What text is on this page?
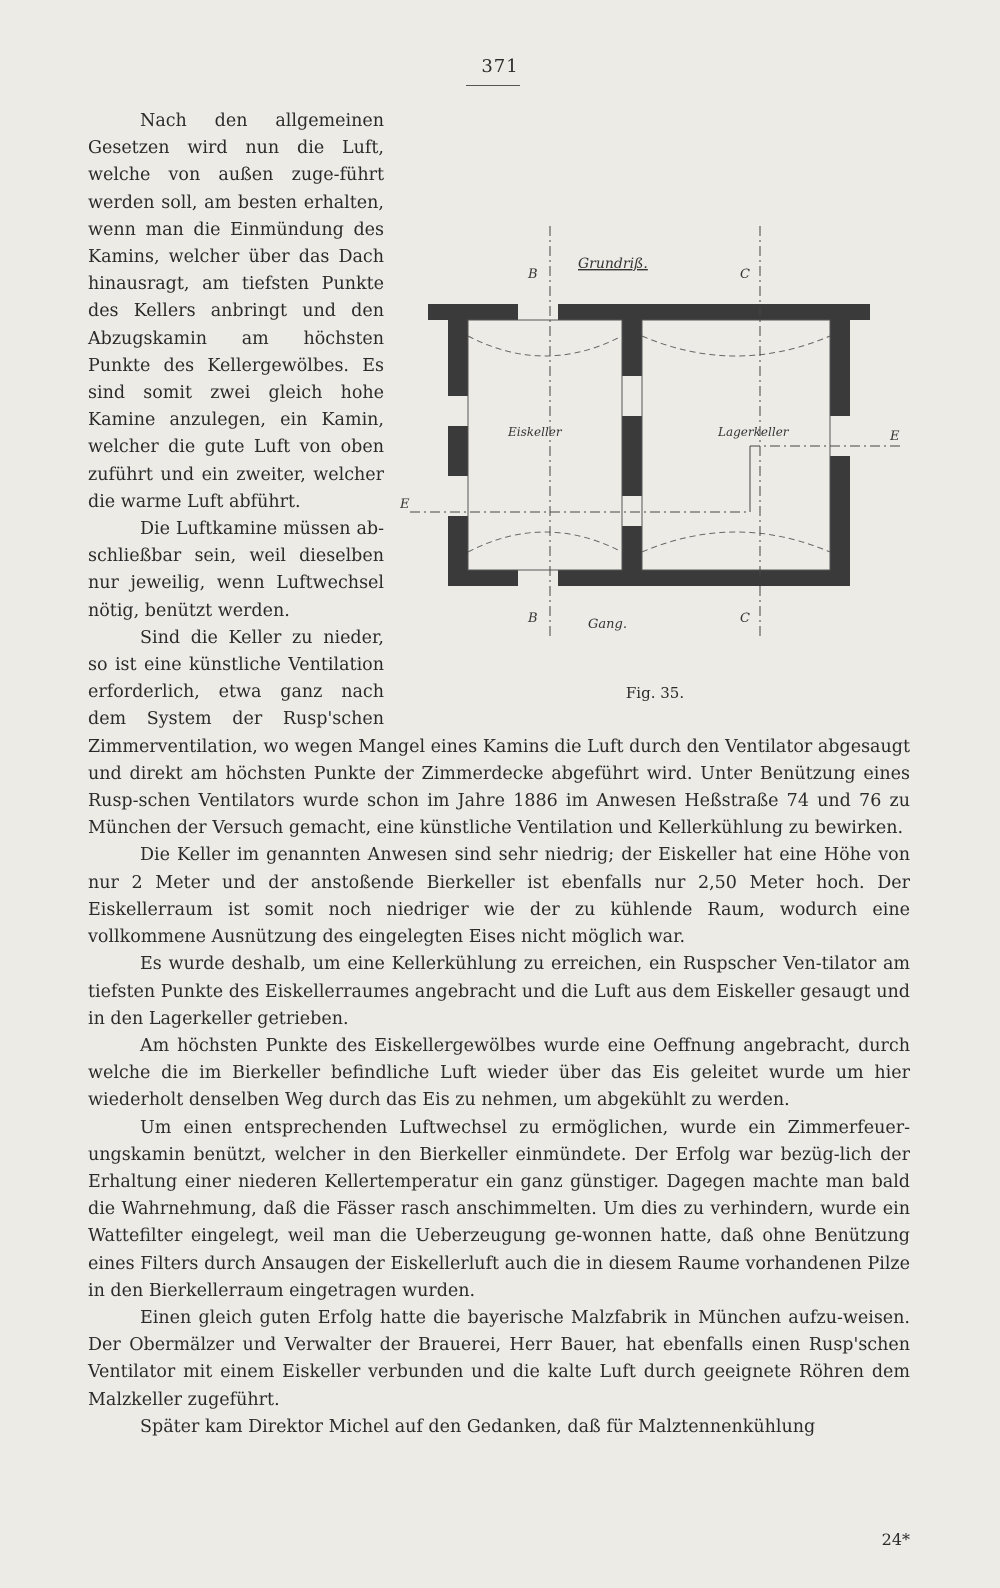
371
B	C
B	C
E
E
Grundriß.
Gang.
Eiskeller	Lagerkeller
Fig. 35.

Nach den allgemeinen Gesetzen wird nun die Luft, welche von außen zuge-führt werden soll, am besten erhalten, wenn man die Einmündung des Kamins, welcher über das Dach hinausragt, am tiefsten Punkte des Kellers anbringt und den Abzugskamin am höchsten Punkte des Kellergewölbes. Es sind somit zwei gleich hohe Kamine anzulegen, ein Kamin, welcher die gute Luft von oben zuführt und ein zweiter, welcher die warme Luft abführt.

Die Luftkamine müssen ab-schließbar sein, weil dieselben nur jeweilig, wenn Luftwechsel nötig, benützt werden.

Sind die Keller zu nieder, so ist eine künstliche Ventilation erforderlich, etwa ganz nach dem System der Rusp'schen Zimmerventilation, wo wegen Mangel eines Kamins die Luft durch den Ventilator abgesaugt und direkt am höchsten Punkte der Zimmerdecke abgeführt wird. Unter Benützung eines Rusp-schen Ventilators wurde schon im Jahre 1886 im Anwesen Heßstraße 74 und 76 zu München der Versuch gemacht, eine künstliche Ventilation und Kellerkühlung zu bewirken.

Die Keller im genannten Anwesen sind sehr niedrig; der Eiskeller hat eine Höhe von nur 2 Meter und der anstoßende Bierkeller ist ebenfalls nur 2,50 Meter hoch. Der Eiskellerraum ist somit noch niedriger wie der zu kühlende Raum, wodurch eine vollkommene Ausnützung des eingelegten Eises nicht möglich war.

Es wurde deshalb, um eine Kellerkühlung zu erreichen, ein Ruspscher Ven-tilator am tiefsten Punkte des Eiskellerraumes angebracht und die Luft aus dem Eiskeller gesaugt und in den Lagerkeller getrieben.

Am höchsten Punkte des Eiskellergewölbes wurde eine Oeffnung angebracht, durch welche die im Bierkeller befindliche Luft wieder über das Eis geleitet wurde um hier wiederholt denselben Weg durch das Eis zu nehmen, um abgekühlt zu werden.

Um einen entsprechenden Luftwechsel zu ermöglichen, wurde ein Zimmerfeuer-ungskamin benützt, welcher in den Bierkeller einmündete. Der Erfolg war bezüg-lich der Erhaltung einer niederen Kellertemperatur ein ganz günstiger. Dagegen machte man bald die Wahrnehmung, daß die Fässer rasch anschimmelten. Um dies zu verhindern, wurde ein Wattefilter eingelegt, weil man die Ueberzeugung ge-wonnen hatte, daß ohne Benützung eines Filters durch Ansaugen der Eiskellerluft auch die in diesem Raume vorhandenen Pilze in den Bierkellerraum eingetragen wurden.

Einen gleich guten Erfolg hatte die bayerische Malzfabrik in München aufzu-weisen. Der Obermälzer und Verwalter der Brauerei, Herr Bauer, hat ebenfalls einen Rusp'schen Ventilator mit einem Eiskeller verbunden und die kalte Luft durch geeignete Röhren dem Malzkeller zugeführt.

Später kam Direktor Michel auf den Gedanken, daß für Malztennenkühlung

24*
